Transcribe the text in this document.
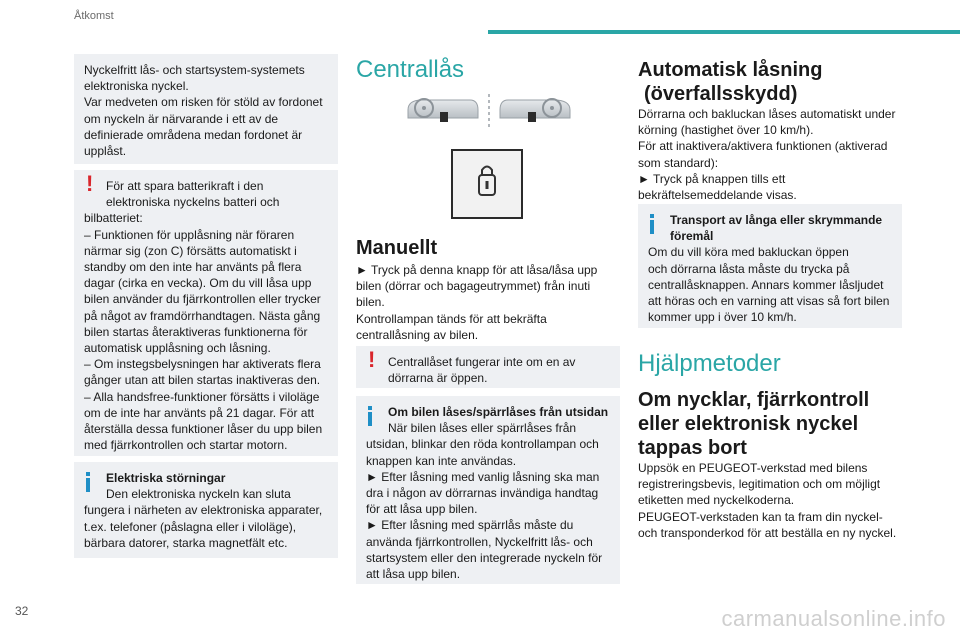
Åtkomst

Nyckelfritt lås- och startsystem-systemets

elektroniska nyckel.

Var medveten om risken för stöld av fordonet

om nyckeln är närvarande i ett av de

definierade områdena medan fordonet är

upplåst.

!	För att spara batterikraft i den

elektroniska nyckelns batteri och

bilbatteriet:

– Funktionen för upplåsning när föraren

närmar sig (zon C) försätts automatiskt i

standby om den inte har använts på flera

dagar (cirka en vecka). Om du vill låsa upp

bilen använder du fjärrkontrollen eller trycker

på något av framdörrhandtagen. Nästa gång

bilen startas återaktiveras funktionerna för

automatisk upplåsning och låsning.

– Om instegsbelysningen har aktiverats flera

gånger utan att bilen startas inaktiveras den.

– Alla handsfree-funktioner försätts i viloläge

om de inte har använts på 21 dagar. För att

återställa dessa funktioner låser du upp bilen

med fjärrkontrollen och startar motorn.

Elektriska störningar

Den elektroniska nyckeln kan sluta

fungera i närheten av elektroniska apparater,

t.ex. telefoner (påslagna eller i viloläge),

bärbara datorer, starka magnetfält etc.

Centrallås
Manuellt

► Tryck på denna knapp för att låsa/låsa upp

bilen (dörrar och bagageutrymmet) från inuti

bilen.

Kontrollampan tänds för att bekräfta

centrallåsning av bilen.

!	Centrallåset fungerar inte om en av

dörrarna är öppen.

Om bilen låses/spärrlåses från utsidan

När bilen låses eller spärrlåses från

utsidan, blinkar den röda kontrollampan och

knappen kan inte användas.

► Efter låsning med vanlig låsning ska man

dra i någon av dörrarnas invändiga handtag

för att låsa upp bilen.

► Efter låsning med spärrlås måste du

använda fjärrkontrollen, Nyckelfritt lås- och

startsystem eller den integrerade nyckeln för

att låsa upp bilen.

Automatisk låsning
(överfallsskydd)

Dörrarna och bakluckan låses automatiskt under

körning (hastighet över 10 km/h).

För att inaktivera/aktivera funktionen (aktiverad

som standard):

► Tryck på knappen tills ett

bekräftelsemeddelande visas.

Transport av långa eller skrymmande

föremål

Om du vill köra med bakluckan öppen

och dörrarna låsta måste du trycka på

centrallåsknappen. Annars kommer låsljudet

att höras och en varning att visas så fort bilen

kommer upp i över 10 km/h.

Hjälpmetoder
Om nycklar, fjärrkontroll
eller elektronisk nyckel
tappas bort

Uppsök en PEUGEOT-verkstad med bilens

registreringsbevis, legitimation och om möjligt

etiketten med nyckelkoderna.

PEUGEOT-verkstaden kan ta fram din nyckel-

och transponderkod för att beställa en ny nyckel.

32	carmanualsonline.info
